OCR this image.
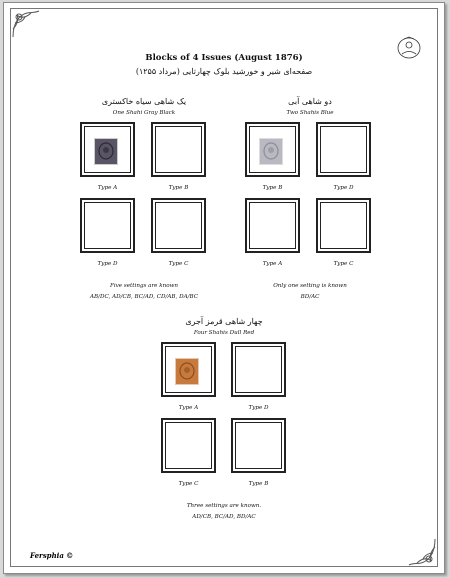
Blocks of 4 Issues (August 1876)
صفحه‌ای شیر و خورشید بلوک چهارتایی (مرداد ۱۲۵۵)
یک شاهی سیاه خاکستری
One Shahi Gray Black
Type A	Type B
Type D	Type C
Five settings are known
AB/DC, AD/CB, BC/AD, CD/AB, DA/BC
دو شاهی آبی
Two Shahis Blue
Type B	Type D
Type A	Type C
Only one setting is known
BD/AC
چهار شاهی قرمز آجری
Four Shahis Dull Red
Type A	Type D
Type C	Type B
Three settings are known.
AD/CB, BC/AD, BD/AC
Fersphia ©
